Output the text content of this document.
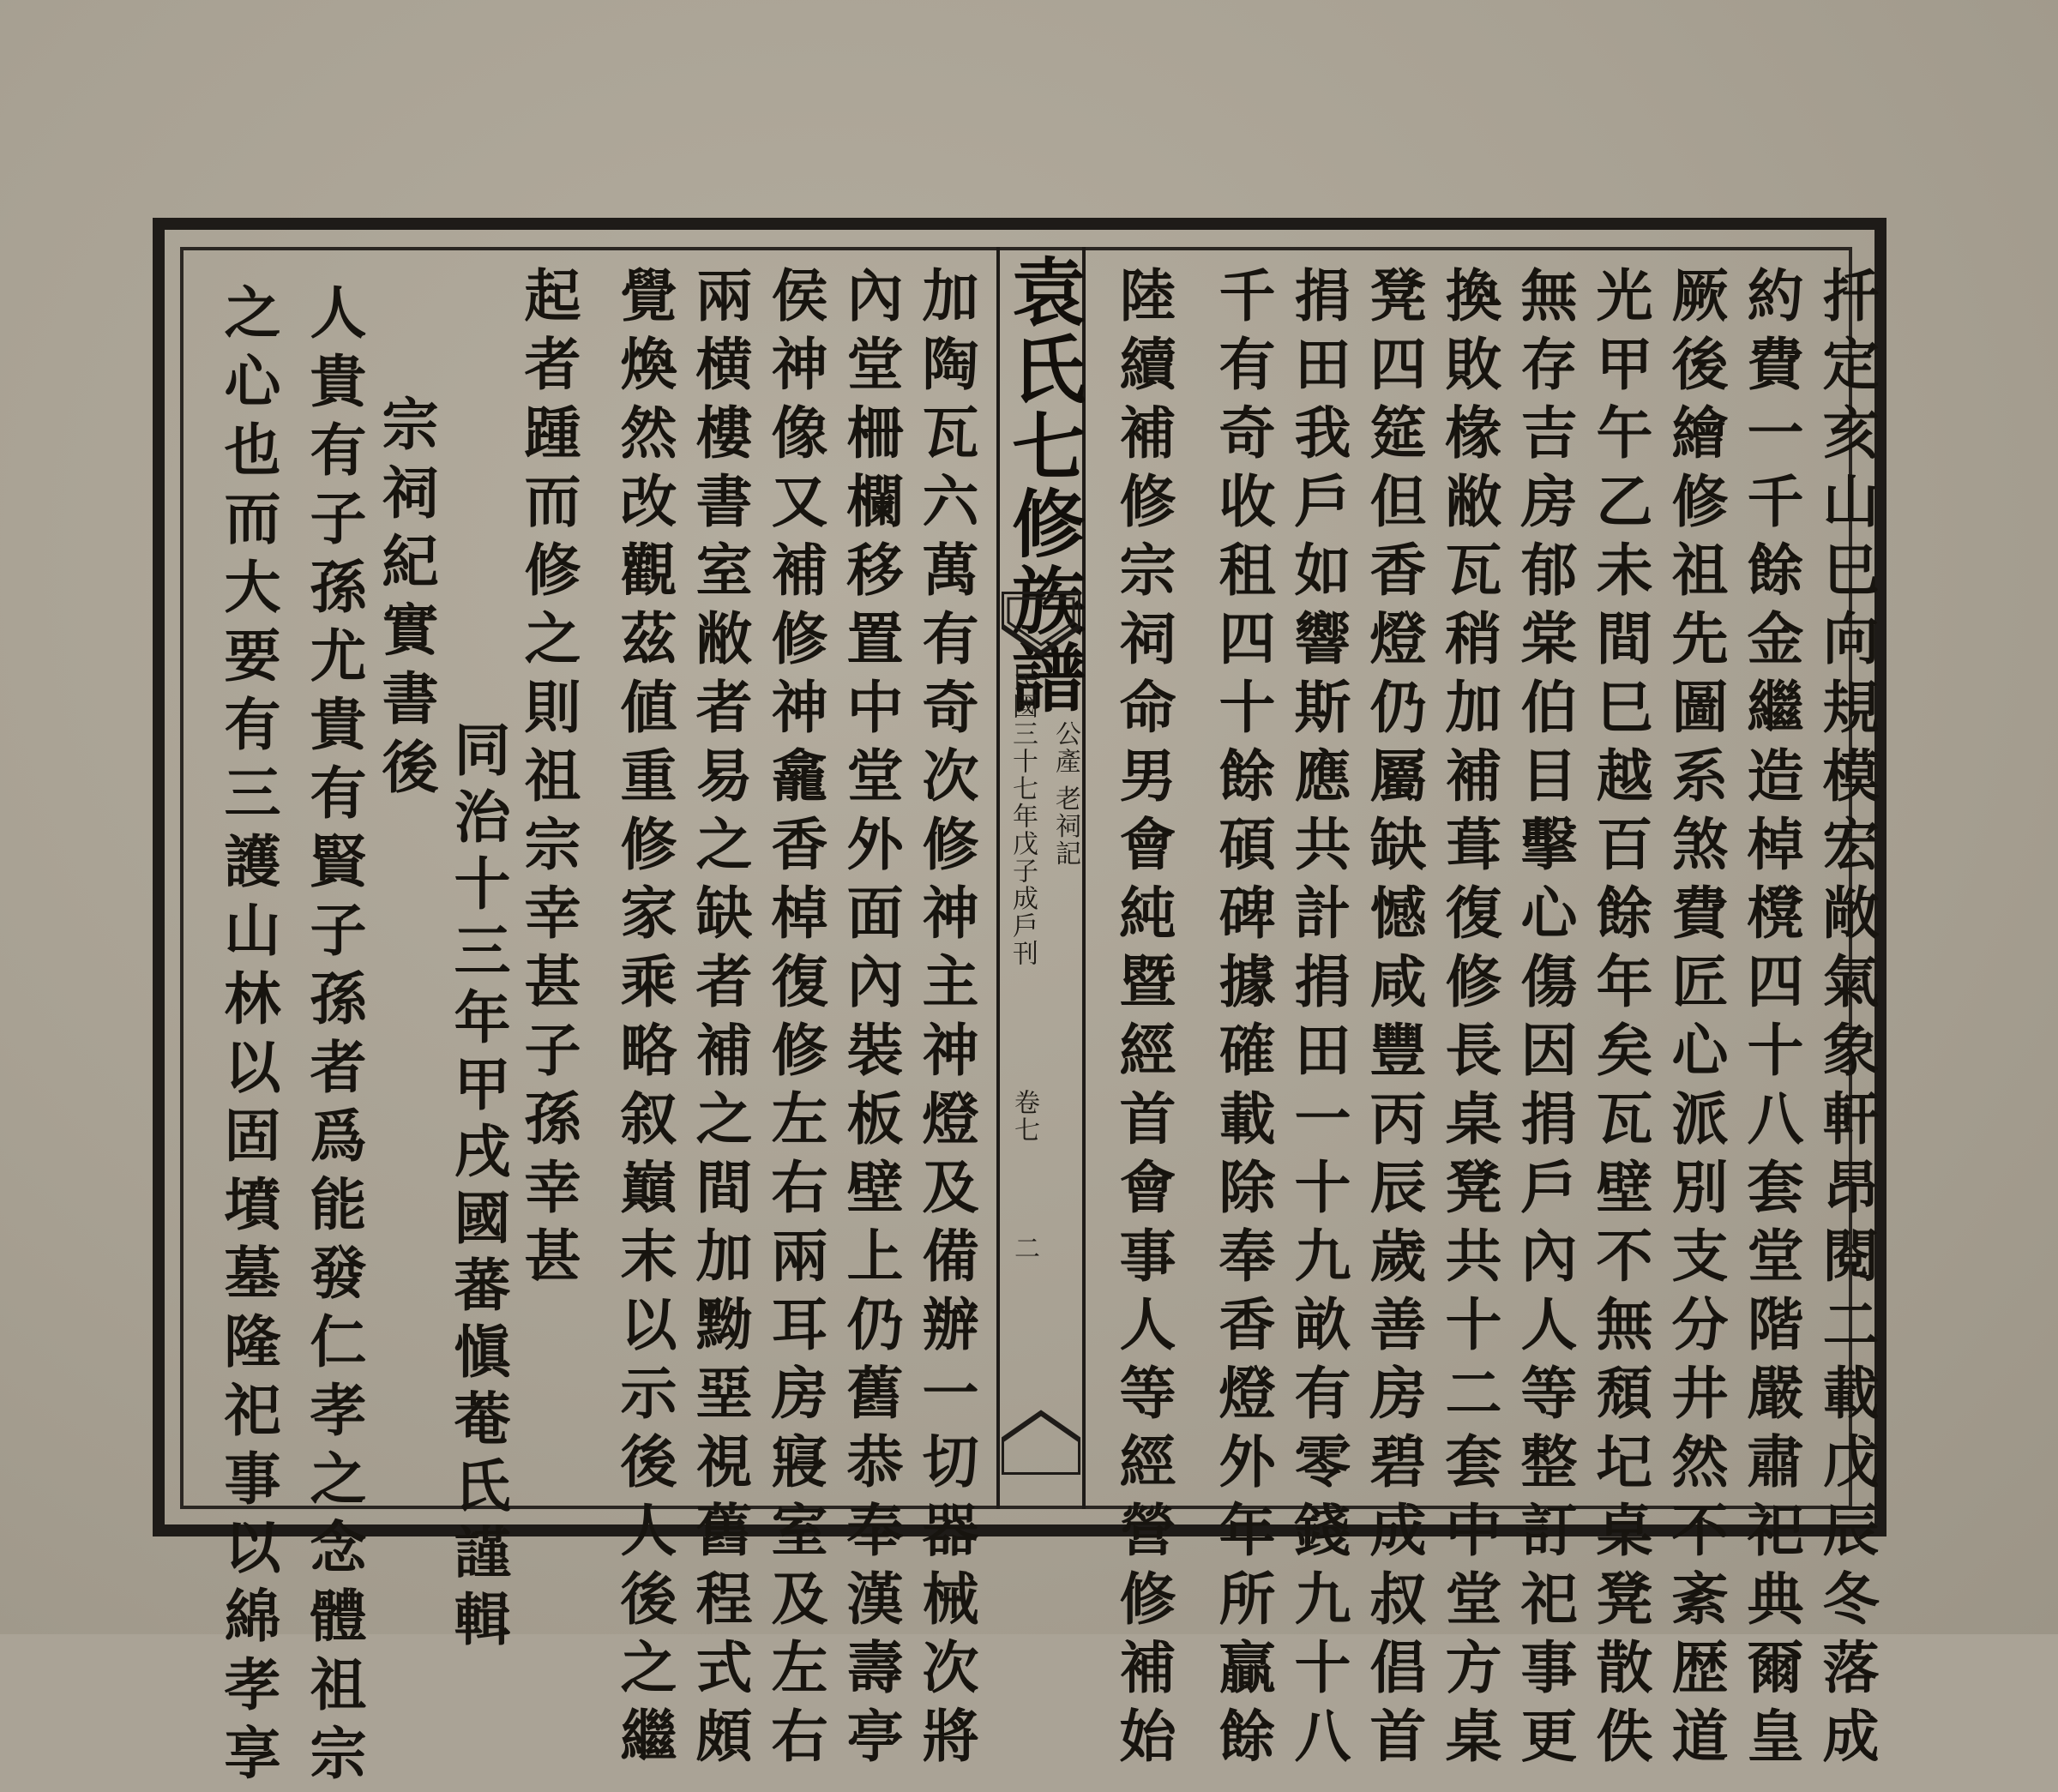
扦定亥山巳向規模宏敞氣象軒昂閱二載戊辰冬落成
約費一千餘金繼造棹櫈四十八套堂階嚴肅祀典爾皇
厥後繪修祖先圖系煞費匠心派別支分井然不紊歴道
光甲午乙未間巳越百餘年矣瓦壁不無頹圮桌凳散佚
無存吉房郁棠伯目擊心傷因捐戶內人等整訂祀事更
換敗椽敝瓦稍加補葺復修長桌凳共十二套中堂方桌
凳四筵但香燈仍屬缺憾咸豐丙辰歲善房碧成叔倡首
捐田我戶如響斯應共計捐田一十九畝有零錢九十八
千有奇收租四十餘碩碑據確載除奉香燈外年所贏餘
陸續補修宗祠命男會純暨經首會事人等經營修補始
袁氏七修族譜
公產 老祠記
民國三十七年戊子成戶刊
卷七
二
加陶瓦六萬有奇次修神主神燈及備辦一切器械次將
內堂柵欄移置中堂外面內裝板壁上仍舊恭奉漢壽亭
侯神像又補修神龕香棹復修左右兩耳房寢室及左右
兩横樓書室敝者易之缺者補之間加黝堊視舊程式頗
覺煥然改觀茲値重修家乘略叙巔末以示後人後之繼
起者踵而修之則祖宗幸甚子孫幸甚
同治十三年甲戌國蕃愼菴氏謹輯
宗祠紀實書後
人貴有子孫尤貴有賢子孫者爲能發仁孝之念體祖宗
之心也而大要有三護山林以固墳墓隆祀事以綿孝享
